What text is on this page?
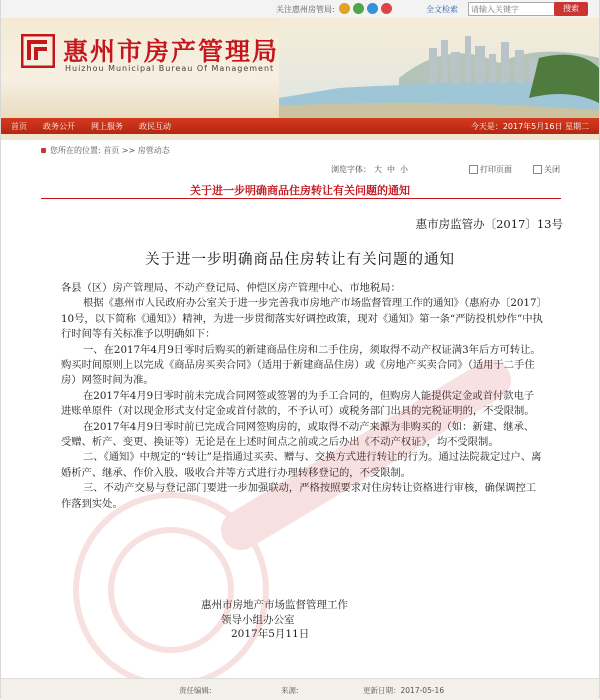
关注惠州房管局:	全文检索
请输入关键字	搜索
惠州市房产管理局
Huizhou Municipal Bureau Of Management
首页 政务公开 网上服务 政民互动	今天是：2017年5月16日 星期二
您所在的位置: 首页 >> 房管动态
浏览字体： 大 中 小	打印页面	关闭
关于进一步明确商品住房转让有关问题的通知
惠市房监管办〔2017〕13号
关于进一步明确商品住房转让有关问题的通知

各县（区）房产管理局、不动产登记局、仲恺区房产管理中心、市地税局：

根据《惠州市人民政府办公室关于进一步完善我市房地产市场监督管理工作的通知》（惠府办〔2017〕10号，以下简称《通知》）精神，为进一步贯彻落实好调控政策，现对《通知》第一条“严防投机炒作”中执行时间等有关标准予以明确如下：

一、在2017年4月9日零时后购买的新建商品住房和二手住房，须取得不动产权证满3年后方可转让。购买时间原则上以完成《商品房买卖合同》（适用于新建商品住房）或《房地产买卖合同》（适用于二手住房）网签时间为准。

在2017年4月9日零时前未完成合同网签或签署的为手工合同的，但购房人能提供定金或首付款电子进账单原件（对以现金形式支付定金或首付款的，不予认可）或税务部门出具的完税证明的，不受限制。

在2017年4月9日零时前已完成合同网签购房的，或取得不动产来源为非购买的（如：新建、继承、受赠、析产、变更、换证等）无论是在上述时间点之前或之后办出《不动产权证》，均不受限制。

二、《通知》中规定的“转让”是指通过买卖、赠与、交换方式进行转让的行为。通过法院裁定过户、离婚析产、继承、作价入股、吸收合并等方式进行办理转移登记的，不受限制。

三、不动产交易与登记部门要进一步加强联动，严格按照要求对住房转让资格进行审核，确保调控工作落到实处。

惠州市房地产市场监督管理工作
领导小组办公室
2017年5月11日
责任编辑:	来源:	更新日期：2017-05-16
